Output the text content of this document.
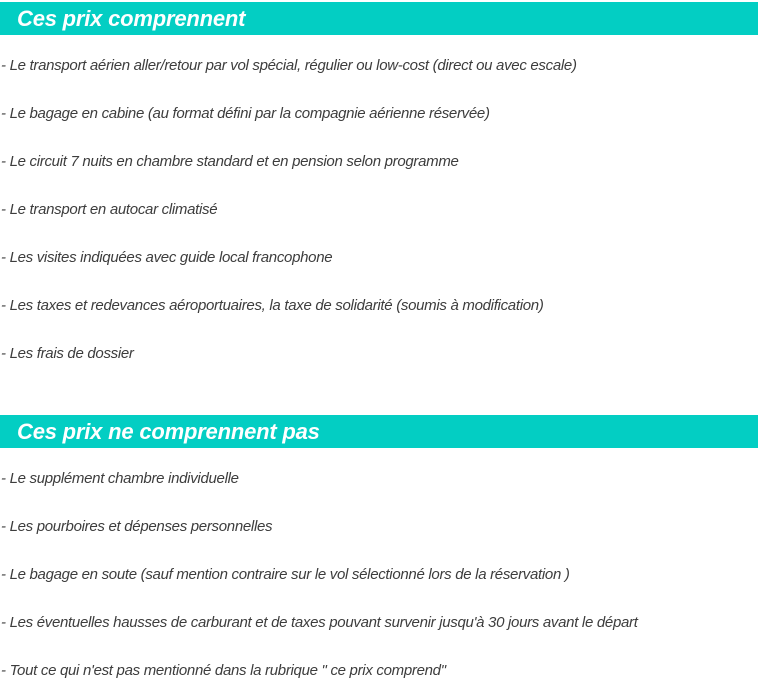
Ces prix comprennent
- Le transport aérien aller/retour par vol spécial, régulier ou low-cost (direct ou avec escale)
- Le bagage en cabine (au format défini par la compagnie aérienne réservée)
- Le circuit 7 nuits en chambre standard et en pension selon programme
- Le transport en autocar climatisé
- Les visites indiquées avec guide local francophone
- Les taxes et redevances aéroportuaires, la taxe de solidarité (soumis à modification)
- Les frais de dossier
Ces prix ne comprennent pas
- Le supplément chambre individuelle
- Les pourboires et dépenses personnelles
- Le bagage en soute (sauf mention contraire sur le vol sélectionné lors de la réservation )
- Les éventuelles hausses de carburant et de taxes pouvant survenir jusqu'à 30 jours avant le départ
- Tout ce qui n'est pas mentionné dans la rubrique " ce prix comprend"
